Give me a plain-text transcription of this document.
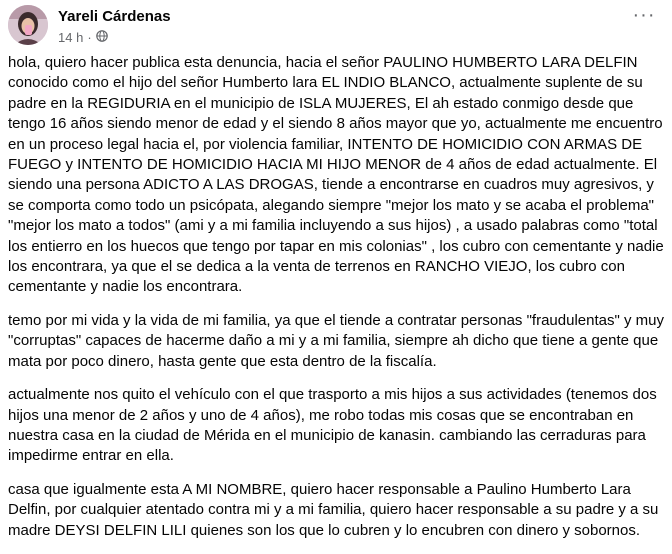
Yareli Cárdenas
14 h ·
···

hola, quiero hacer publica esta denuncia, hacia el señor PAULINO HUMBERTO LARA DELFIN conocido como el hijo del señor Humberto lara EL INDIO BLANCO, actualmente suplente de su padre en la REGIDURIA en el municipio de ISLA MUJERES, El ah estado conmigo desde que tengo 16 años siendo menor de edad y el siendo 8 años mayor que yo, actualmente me encuentro en un proceso legal hacia el, por violencia familiar, INTENTO DE HOMICIDIO CON ARMAS DE FUEGO y INTENTO DE HOMICIDIO HACIA MI HIJO MENOR de 4 años de edad actualmente. El siendo una persona ADICTO A LAS DROGAS, tiende a encontrarse en cuadros muy agresivos, y se comporta como todo un psicópata, alegando siempre "mejor los mato y se acaba el problema" "mejor los mato a todos" (ami y a mi familia incluyendo a sus hijos) , a usado palabras como "total los entierro en los huecos que tengo por tapar en mis colonias" , los cubro con cementante y nadie los encontrara, ya que el se dedica a la venta de terrenos en RANCHO VIEJO, los cubro con cementante y nadie los encontrara.

temo por mi vida y la vida de mi familia, ya que el tiende a contratar personas "fraudulentas" y muy "corruptas" capaces de hacerme daño a mi y a mi familia, siempre ah dicho que tiene a gente que mata por poco dinero, hasta gente que esta dentro de la fiscalía.

actualmente nos quito el vehículo con el que trasporto a mis hijos a sus actividades (tenemos dos hijos una menor de 2 años y uno de 4 años), me robo todas mis cosas que se encontraban en nuestra casa en la ciudad de Mérida en el municipio de kanasin. cambiando las cerraduras para impedirme entrar en ella.

casa que igualmente esta A MI NOMBRE, quiero hacer responsable a Paulino Humberto Lara Delfin, por cualquier atentado contra mi y a mi familia, quiero hacer responsable a su padre y a su madre DEYSI DELFIN LILI quienes son los que lo cubren y lo encubren con dinero y sobornos.
